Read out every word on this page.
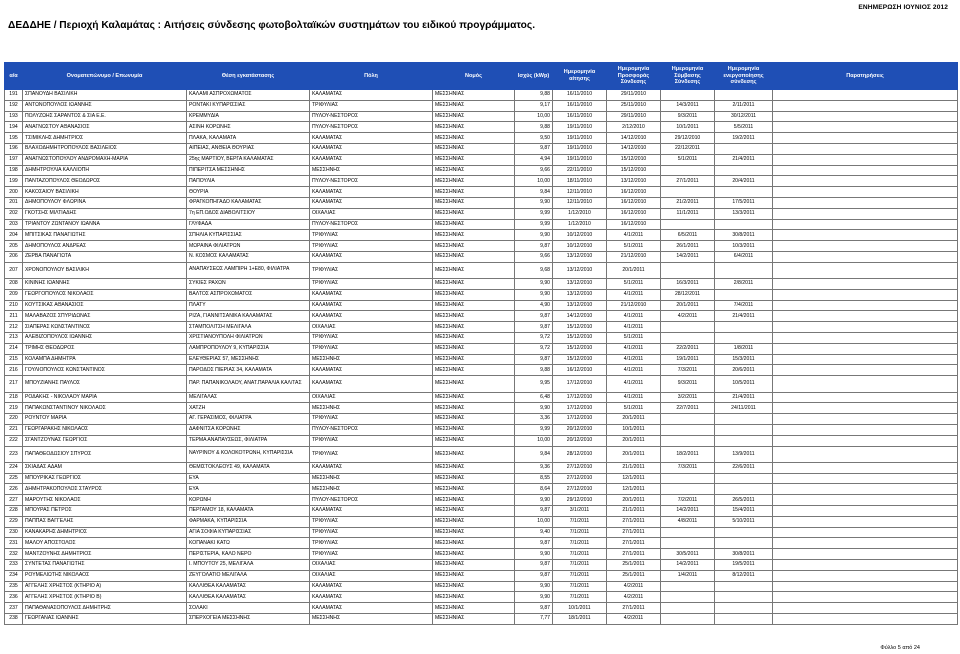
ΕΝΗΜΕΡΩΣΗ ΙΟΥΝΙΟΣ 2012
ΔΕΔΔΗΕ / Περιοχή Καλαμάτας : Αιτήσεις σύνδεσης φωτοβολταϊκών συστημάτων του ειδικού προγράμματος.
α/α	Ονοματεπώνυμο / Επωνυμία	Θέση εγκατάστασης	Πόλη	Νομός	Ισχύς (kWp)	Ημερομηνία αίτησης	Ημερομηνία Προσφοράς Σύνδεσης	Ημερομηνία Σύμβασης Σύνδεσης	Ημερομηνία ενεργοποίησης σύνδεσης	Παρατηρήσεις
191	ΣΠΑΝΟΥΔΗ ΒΑΣΙΛΙΚΗ	ΚΑΛΑΜΙ ΑΣΠΡΟΧΩΜΑΤΟΣ	ΚΑΛΑΜΑΤΑΣ	ΜΕΣΣΗΝΙΑΣ	9,88	16/11/2010	29/11/2010			
192	ΑΝΤΩΝΟΠΟΥΛΟΣ ΙΩΑΝΝΗΣ	ΡΟΝΤΑΚΙ ΚΥΠΑΡΙΣΣΙΑΣ	ΤΡΙΦΥΛΙΑΣ	ΜΕΣΣΗΝΙΑΣ	9,17	16/11/2010	25/11/2010	14/3/2011	2/11/2011	
193	ΠΟΛΥΖΩΗΣ ΣΑΡΑΝΤΟΣ & ΣΙΑ Ε.Ε.	ΚΡΕΜΜΥΔΙΑ	ΠΥΛΟΥ-ΝΕΣΤΟΡΟΣ	ΜΕΣΣΗΝΙΑΣ	10,00	16/11/2010	29/11/2010	9/3/2011	30/12/2011	
194	ΑΝΑΓΝΩΣΤΟΥ ΑΘΑΝΑΣΙΟΣ	ΑΣΙΝΗ ΚΟΡΩΝΗΣ	ΠΥΛΟΥ-ΝΕΣΤΟΡΟΣ	ΜΕΣΣΗΝΙΑΣ	9,88	19/11/2010	2/12/2010	10/1/2011	5/5/2011	
195	ΤΣΙΜΙΚΛΗΣ ΔΗΜΗΤΡΙΟΣ	ΠΛΑΚΑ, ΚΑΛΑΜΑΤΑ	ΚΑΛΑΜΑΤΑΣ	ΜΕΣΣΗΝΙΑΣ	9,50	19/11/2010	14/12/2010	29/12/2010	19/2/2011	
196	ΒΛΑΧΟΔΗΜΗΤΡΟΠΟΥΛΟΣ ΒΑΣΙΛΕΙΟΣ	ΑΙΠΕΙΑΣ, ΑΝΘΕΙΑ ΘΟΥΡΙΑΣ	ΚΑΛΑΜΑΤΑΣ	ΜΕΣΣΗΝΙΑΣ	9,87	19/11/2010	14/12/2010	22/12/2011		
197	ΑΝΑΓΝΩΣΤΟΠΟΥΛΟΥ ΑΝΔΡΟΜΑΧΗ-ΜΑΡΙΑ	25ης ΜΑΡΤΙΟΥ, ΒΕΡΓΑ ΚΑΛΑΜΑΤΑΣ	ΚΑΛΑΜΑΤΑΣ	ΜΕΣΣΗΝΙΑΣ	4,94	19/11/2010	15/12/2010	5/1/2011	21/4/2011	
198	ΔΗΜΗΤΡΟΥΛΙΑ ΚΑΛΛΙΟΠΗ	ΠΙΠΕΡΙΤΣΑ ΜΕΣΣΗΝΗΣ	ΜΕΣΣΗΝΗΣ	ΜΕΣΣΗΝΙΑΣ	9,66	22/11/2010	15/12/2010			
199	ΠΑΝΤΑΖΟΠΟΥΛΟΣ ΘΕΟΔΩΡΟΣ	ΠΑΠΟΥΛΙΑ	ΠΥΛΟΥ-ΝΕΣΤΟΡΟΣ	ΜΕΣΣΗΝΙΑΣ	10,00	18/11/2010	13/12/2010	27/1/2011	20/4/2011	
200	ΚΑΚΟΣΑΙΟΥ ΒΑΣΙΛΙΚΗ	ΘΟΥΡΙΑ	ΚΑΛΑΜΑΤΑΣ	ΜΕΣΣΗΝΙΑΣ	9,84	12/11/2010	16/12/2010			
201	ΔΗΜΟΠΟΥΛΟΥ ΦΛΩΡΙΝΑ	ΦΡΑΓΚΟΠΗΓΑΔΟ ΚΑΛΑΜΑΤΑΣ	ΚΑΛΑΜΑΤΑΣ	ΜΕΣΣΗΝΙΑΣ	9,90	12/11/2010	16/12/2010	21/2/2011	17/5/2011	
202	ΓΚΟΤΣΗΣ ΜΙΛΤΙΑΔΗΣ	7η ΕΠ.ΟΔΟΣ ΔΙΑΒΟΛΙΤΣΙΟΥ	ΟΙΧΑΛΙΑΣ	ΜΕΣΣΗΝΙΑΣ	9,99	1/12/2010	16/12/2010	11/1/2011	13/3/2011	
203	ΤΡΙΑΝΤΟΥ ΖΩΝΤΑΝΟΥ ΙΩΑΝΝΑ	ΓΛΥΦΑΔΑ	ΠΥΛΟΥ-ΝΕΣΤΟΡΟΣ	ΜΕΣΣΗΝΙΑΣ	9,99	1/12/2010	16/12/2010			
204	ΜΠΙΤΣΙΚΑΣ ΠΑΝΑΓΙΩΤΗΣ	ΣΠΗΛΙΑ ΚΥΠΑΡΙΣΣΙΑΣ	ΤΡΙΦΥΛΙΑΣ	ΜΕΣΣΗΝΙΑΣ	9,90	10/12/2010	4/1/2011	6/5/2011	30/8/2011	
205	ΔΗΜΟΠΟΥΛΟΣ ΑΝΔΡΕΑΣ	ΜΩΡΑΙΝΑ ΦΙΛΙΑΤΡΩΝ	ΤΡΙΦΥΛΙΑΣ	ΜΕΣΣΗΝΙΑΣ	9,87	10/12/2010	5/1/2011	26/1/2011	10/3/2011	
206	ΖΕΡΒΑ ΠΑΝΑΓΙΩΤΑ	Ν. ΚΟΣΜΟΣ ΚΑΛΑΜΑΤΑΣ	ΚΑΛΑΜΑΤΑΣ	ΜΕΣΣΗΝΙΑΣ	9,66	13/12/2010	21/12/2010	14/2/2011	6/4/2011	
207	ΧΡΟΝΟΠΟΥΛΟΥ ΒΑΣΙΛΙΚΗ	ΑΝΑΠΑΥΣΕΩΣ ΛΑΜΠΙΡΗ 1+Ε80, ΦΙΛΙΑΤΡΑ	ΤΡΙΦΥΛΙΑΣ	ΜΕΣΣΗΝΙΑΣ	9,68	13/12/2010	20/1/2011			
208	ΚΙΝΙΝΗΣ ΙΩΑΝΝΗΣ	ΣΥΚΙΕΣ ΡΑΧΩΝ	ΤΡΙΦΥΛΙΑΣ	ΜΕΣΣΗΝΙΑΣ	9,90	13/12/2010	5/1/2011	16/3/2011	2/8/2011	
209	ΓΕΩΡΓΟΠΟΥΛΟΣ ΝΙΚΟΛΑΟΣ	ΒΑΛΤΟΣ ΑΣΠΡΟΧΩΜΑΤΟΣ	ΚΑΛΑΜΑΤΑΣ	ΜΕΣΣΗΝΙΑΣ	9,90	13/12/2010	4/1/2011	28/12/2011		
210	ΚΟΥΤΣΙΚΑΣ ΑΘΑΝΑΣΙΟΣ	ΠΛΑΤΥ	ΚΑΛΑΜΑΤΑΣ	ΜΕΣΣΗΝΙΑΣ	4,90	13/12/2010	21/12/2010	20/1/2011	7/4/2011	
211	ΜΑΛΑΒΑΖΟΣ ΣΠΥΡΙΔΩΝΑΣ	ΡΙΖΑ, ΓΙΑΝΝΙΤΣΑΝΙΚΑ ΚΑΛΑΜΑΤΑΣ	ΚΑΛΑΜΑΤΑΣ	ΜΕΣΣΗΝΙΑΣ	9,87	14/12/2010	4/1/2011	4/2/2011	21/4/2011	
212	ΣΙΑΠΕΡΑΣ ΚΩΝΣΤΑΝΤΙΝΟΣ	ΣΤΑΜΠΟΛΙΤΣΗ ΜΕΛΙΓΑΛΑ	ΟΙΧΑΛΙΑΣ	ΜΕΣΣΗΝΙΑΣ	9,87	15/12/2010	4/1/2011			
213	ΑΛΕΒΙΖΟΠΟΥΛΟΣ ΙΩΑΝΝΗΣ	ΧΡΙΣΤΙΑΝΟΥΠΟΛΗ ΦΙΛΙΑΤΡΩΝ	ΤΡΙΦΥΛΙΑΣ	ΜΕΣΣΗΝΙΑΣ	9,72	15/12/2010	5/1/2011			
214	ΤΡΙΜΗΣ ΘΕΟΔΩΡΟΣ	ΛΑΜΠΡΟΠΟΥΛΟΥ 9, ΚΥΠΑΡΙΣΣΙΑ	ΤΡΙΦΥΛΙΑΣ	ΜΕΣΣΗΝΙΑΣ	9,72	15/12/2010	4/1/2011	22/2/2011	1/8/2011	
215	ΚΟΛΑΜΠΑ ΔΗΜΗΤΡΑ	ΕΛΕΥΘΕΡΙΑΣ 57, ΜΕΣΣΗΝΗΣ	ΜΕΣΣΗΝΗΣ	ΜΕΣΣΗΝΙΑΣ	9,87	15/12/2010	4/1/2011	19/1/2011	15/3/2011	
216	ΓΟΥΛΙΟΠΟΥΛΟΣ ΚΩΝΣΤΑΝΤΙΝΟΣ	ΠΑΡΟΔΟΣ ΠΙΕΡΙΑΣ 34, ΚΑΛΑΜΑΤΑ	ΚΑΛΑΜΑΤΑΣ	ΜΕΣΣΗΝΙΑΣ	9,88	16/12/2010	4/1/2011	7/3/2011	20/6/2011	
217	ΜΠΟΥΖΙΑΝΗΣ ΠΑΥΛΟΣ	ΠΑΡ. ΠΑΠΑΝΙΚΟΛΑΟΥ, ΑΝΑΤ.ΠΑΡΑΛΙΑ ΚΑΛ/ΤΑΣ	ΚΑΛΑΜΑΤΑΣ	ΜΕΣΣΗΝΙΑΣ	9,95	17/12/2010	4/1/2011	9/3/2011	10/5/2011	
218	ΡΟΔΑΚΗΣ - ΝΙΚΟΛΑΟΥ ΜΑΡΙΑ	ΜΕΛΙΓΑΛΑΣ	ΟΙΧΑΛΙΑΣ	ΜΕΣΣΗΝΙΑΣ	6,48	17/12/2010	4/1/2011	3/2/2011	21/4/2011	
219	ΠΑΠΑΚΩΝΣΤΑΝΤΙΝΟΥ ΝΙΚΟΛΑΟΣ	ΧΑΤΖΗ	ΜΕΣΣΗΝΗΣ	ΜΕΣΣΗΝΙΑΣ	9,90	17/12/2010	5/1/2011	22/7/2011	24/11/2011	
220	ΡΟΥΝΤΟΥ ΜΑΡΙΑ	ΑΓ. ΓΕΡΑΣΙΜΟΣ, ΦΙΛΙΑΤΡΑ	ΤΡΙΦΥΛΙΑΣ	ΜΕΣΣΗΝΙΑΣ	3,36	17/12/2010	20/1/2011			
221	ΓΕΩΡΓΑΡΑΚΗΣ ΝΙΚΟΛΑΟΣ	ΔΑΦΝΙΤΣΑ ΚΟΡΩΝΗΣ	ΠΥΛΟΥ-ΝΕΣΤΟΡΟΣ	ΜΕΣΣΗΝΙΑΣ	9,99	20/12/2010	10/1/2011			
222	ΣΓΑΝΤΖΟΥΝΑΣ ΓΕΩΡΓΙΟΣ	ΤΕΡΜΑ ΑΝΑΠΑΥΣΕΩΣ, ΦΙΛΙΑΤΡΑ	ΤΡΙΦΥΛΙΑΣ	ΜΕΣΣΗΝΙΑΣ	10,00	20/12/2010	20/1/2011			
223	ΠΑΠΑΘΕΟΔΩΣΙΟΥ ΣΠΥΡΟΣ	ΝΑΥΡΙΝΟΥ & ΚΟΛΟΚΟΤΡΩΝΗ, ΚΥΠΑΡΙΣΣΙΑ	ΤΡΙΦΥΛΙΑΣ	ΜΕΣΣΗΝΙΑΣ	9,84	28/12/2010	20/1/2011	18/2/2011	13/9/2011	
224	ΣΚΙΑΔΑΣ ΑΔΑΜ	ΘΕΜΙΣΤΟΚΛΕΟΥΣ 49, ΚΑΛΑΜΑΤΑ	ΚΑΛΑΜΑΤΑΣ	ΜΕΣΣΗΝΙΑΣ	9,36	27/12/2010	21/1/2011	7/3/2011	22/6/2011	
225	ΜΠΟΥΡΙΚΑΣ ΓΕΩΡΓΙΟΣ	ΕΥΑ	ΜΕΣΣΗΝΗΣ	ΜΕΣΣΗΝΙΑΣ	8,55	27/12/2010	12/1/2011			
226	ΔΗΜΗΤΡΑΚΟΠΟΥΛΟΣ ΣΤΑΥΡΟΣ	ΕΥΑ	ΜΕΣΣΗΝΗΣ	ΜΕΣΣΗΝΙΑΣ	8,64	27/12/2010	12/1/2011			
227	ΜΑΡΟΥΤΗΣ ΝΙΚΟΛΑΟΣ	ΚΟΡΩΝΗ	ΠΥΛΟΥ-ΝΕΣΤΟΡΟΣ	ΜΕΣΣΗΝΙΑΣ	9,90	29/12/2010	20/1/2011	7/2/2011	26/5/2011	
228	ΜΠΟΥΡΑΣ ΠΕΤΡΟΣ	ΠΕΡΓΑΜΟΥ 18, ΚΑΛΑΜΑΤΑ	ΚΑΛΑΜΑΤΑΣ	ΜΕΣΣΗΝΙΑΣ	9,87	3/1/2011	21/1/2011	14/2/2011	15/4/2011	
229	ΠΑΠΠΑΣ ΒΑΓΓΕΛΗΣ	ΦΑΡΜΑΚΑ, ΚΥΠΑΡΙΣΣΙΑ	ΤΡΙΦΥΛΙΑΣ	ΜΕΣΣΗΝΙΑΣ	10,00	7/1/2011	27/1/2011	4/8/2011	5/10/2011	
230	ΚΑΝΑΚΑΡΗΣ ΔΗΜΗΤΡΙΟΣ	ΑΓΙΑ ΣΟΦΙΑ ΚΥΠΑΡΙΣΣΙΑΣ	ΤΡΙΦΥΛΙΑΣ	ΜΕΣΣΗΝΙΑΣ	9,40	7/1/2011	27/1/2011			
231	ΜΑΛΟΥ ΑΠΟΣΤΟΛΟΣ	ΚΟΠΑΝΑΚΙ ΚΑΤΩ	ΤΡΙΦΥΛΙΑΣ	ΜΕΣΣΗΝΙΑΣ	9,87	7/1/2011	27/1/2011			
232	ΜΑΝΤΖΟΥΝΗΣ ΔΗΜΗΤΡΙΟΣ	ΠΕΡΙΣΤΕΡΙΑ, ΚΑΛΟ ΝΕΡΟ	ΤΡΙΦΥΛΙΑΣ	ΜΕΣΣΗΝΙΑΣ	9,90	7/1/2011	27/1/2011	30/5/2011	30/8/2011	
233	ΣΥΝΤΕΤΑΣ ΠΑΝΑΓΙΩΤΗΣ	Ι. ΜΠΟΥΤΟΥ 25, ΜΕΛΙΓΑΛΑ	ΟΙΧΑΛΙΑΣ	ΜΕΣΣΗΝΙΑΣ	9,87	7/1/2011	25/1/2011	14/2/2011	19/5/2011	
234	ΡΟΥΜΕΛΙΩΤΗΣ ΝΙΚΟΛΑΟΣ	ΖΕΥΓΟΛΑΤΙΟ ΜΕΛΙΓΑΛΑ	ΟΙΧΑΛΙΑΣ	ΜΕΣΣΗΝΙΑΣ	9,87	7/1/2011	25/1/2011	1/4/2011	8/12/2011	
235	ΑΓΓΕΛΗΣ ΧΡΗΣΤΟΣ (ΚΤΗΡΙΟ Α)	ΚΑΛΛΙΘΕΑ ΚΑΛΑΜΑΤΑΣ	ΚΑΛΑΜΑΤΑΣ	ΜΕΣΣΗΝΙΑΣ	9,90	7/1/2011	4/2/2011			
236	ΑΓΓΕΛΗΣ ΧΡΗΣΤΟΣ (ΚΤΗΡΙΟ Β)	ΚΑΛΛΙΘΕΑ ΚΑΛΑΜΑΤΑΣ	ΚΑΛΑΜΑΤΑΣ	ΜΕΣΣΗΝΙΑΣ	9,90	7/1/2011	4/2/2011			
237	ΠΑΠΑΘΑΝΑΣΟΠΟΥΛΟΣ ΔΗΜΗΤΡΗΣ	ΣΟΛΑΚΙ	ΚΑΛΑΜΑΤΑΣ	ΜΕΣΣΗΝΙΑΣ	9,87	10/1/2011	27/1/2011			
238	ΓΕΩΡΓΑΝΑΣ ΙΩΑΝΝΗΣ	ΣΠΕΡΧΟΓΕΙΑ ΜΕΣΣΗΝΗΣ	ΜΕΣΣΗΝΗΣ	ΜΕΣΣΗΝΙΑΣ	7,77	18/1/2011	4/2/2011			
Φύλλο 5 από 24
